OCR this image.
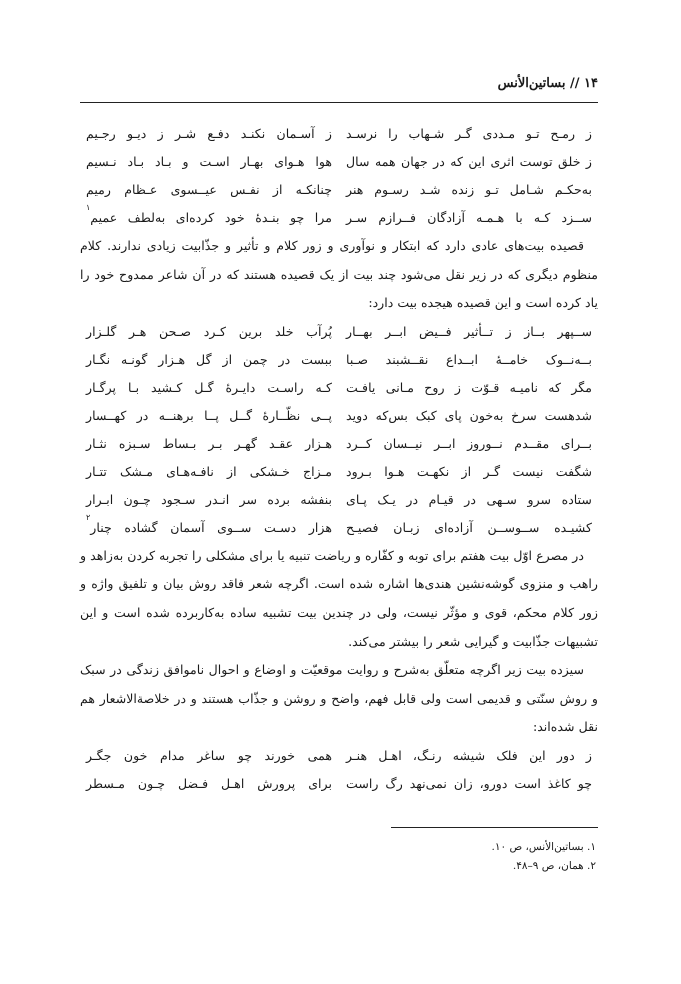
۱۴ // بساتین‌الأنس
ز رمـح تـو مـددی گـر شـهاب را نرسـد
ز آسـمان نکنـد دفـع شـر ز دیـو رجـیم
ز خلق توست اثری این که در جهان همه سال
هوا هـوای بهـار اسـت و بـاد بـاد نـسیم
به‌حکـم شـامل تـو زنده شـد رسـوم هنر
چنانکـه از نفـس عیــسوی عـظام رمیم
ســزد کـه با هـمـه آزادگان فــرازم سـر
مرا چو بنـدۀ خود کرده‌ای به‌لطف عمیم$^۱$

قصیده بیت‌های عادی دارد که ابتکار و نوآوری و زور کلام و تأثیر و جذّابیت زیادی ندارند. کلام منظوم دیگری که در زیر نقل می‌شود چند بیت از یک قصیده هستند که در آن شاعر ممدوح خود را یاد کرده است و این قصیده هیجده بیت دارد:

ســپهر بــاز ز تــأثیر فــیض ابــر بهــار
پُرآب خلد برین کـرد صـحن هـر گلـزار
بــه‌نــوک خامــۀ ابــداع نقــشبند صـبا
ببست در چمن از گل هـزار گونـه نگـار
مگر که نامیـه قـوّت ز روح مـانی یافـت
کـه راسـت دایـرۀ گـل کـشید بـا پرگـار
شدهست سرخ به‌خون پای کبک بس‌که دوید
پــی نظّــارۀ گــل پــا برهنــه در کهــسار
بــرای مقــدم نــوروز ابــر نیــسان کــرد
هـزار عقـد گهـر بـر بـساط سـبزه نثـار
شگفت نیست گـر از نکهـت هـوا بـرود
مـزاج خـشکی از نافـه‌هـای مـشک تتـار
ستاده سرو سـهی در قیـام در یـک پـای
بنفشه برده سر انـدر سـجود چـون ابـرار
کشیـده ســوســن آزاده‌ای زبـان فصیـح
هزار دسـت ســوی آسمان گشاده چنار$^۲$

در مصرع اوّل بیت هفتم برای توبه و کفّاره و ریاضت تنبیه یا برای مشکلی را تجربه کردن به‌زاهد و راهب و منزوی گوشه‌نشین هندی‌ها اشاره شده است. اگرچه شعر فاقد روش بیان و تلفیق واژه و زور کلام محکم، قوی و مؤثّر نیست، ولی در چندین بیت تشبیه ساده به‌کاربرده شده است و این تشبیهات جذّابیت و گیرایی شعر را بیشتر می‌کند.

سیزده بیت زیر اگرچه متعلّق به‌شرح و روایت موقعیّت و اوضاع و احوال ناموافق زندگی در سبک و روش سنّتی و قدیمی است ولی قابل فهم، واضح و روشن و جذّاب هستند و در خلاصةالاشعار هم نقل شده‌اند:

ز دور این فلک شیشه رنـگ، اهـل هنـر
همی خورند چو ساغر مدام خون جگـر
چو کاغذ است دورو، زان نمی‌نهد رگ راست
برای پرورش اهـل فـضل چـون مـسطر
۱. بساتین‌الأنس، ص ۱۰.
۲. همان، ص ۹–۴۸.
